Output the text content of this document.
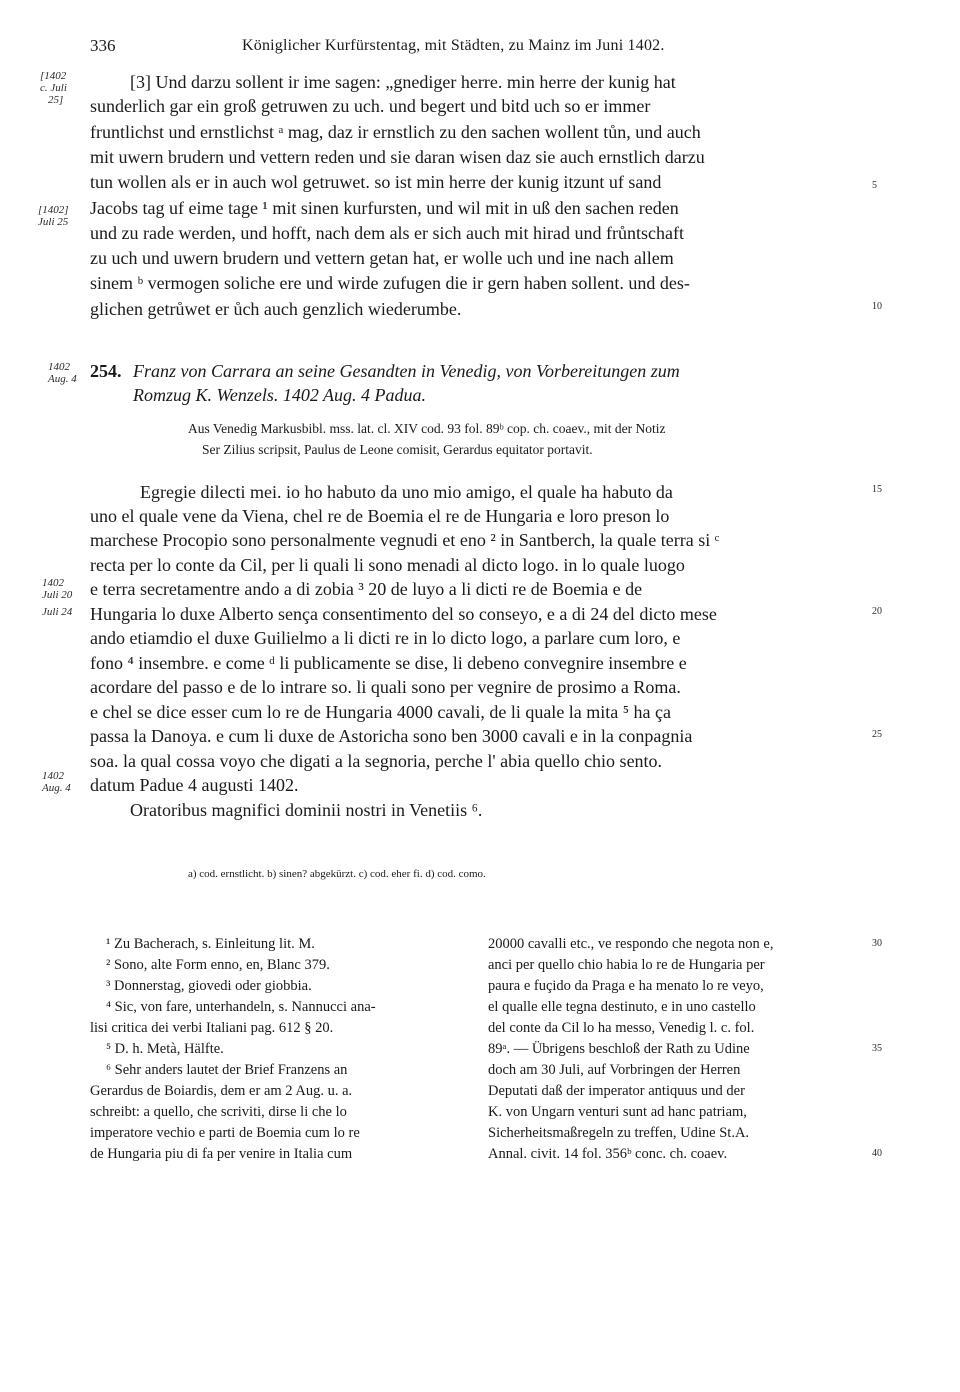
336	Königlicher Kurfürstentag, mit Städten, zu Mainz im Juni 1402.
[1402
c. Juli
25]
[1402]
Juli 25
1402
Aug. 4
1402
Juli 20
Juli 24
1402
Aug. 4
5
10
15
20
25
30
35
40
[3] Und darzu sollent ir ime sagen: „gnediger herre. min herre der kunig hat
sunderlich gar ein groß getruwen zu uch. und begert und bitd uch so er immer
fruntlichst und ernstlichst ᵃ mag, daz ir ernstlich zu den sachen wollent tůn, und auch
mit uwern brudern und vettern reden und sie daran wisen daz sie auch ernstlich darzu
tun wollen als er in auch wol getruwet. so ist min herre der kunig itzunt uf sand
Jacobs tag uf eime tage ¹ mit sinen kurfursten, und wil mit in uß den sachen reden
und zu rade werden, und hofft, nach dem als er sich auch mit hirad und frůntschaft
zu uch und uwern brudern und vettern getan hat, er wolle uch und ine nach allem
sinem ᵇ vermogen soliche ere und wirde zufugen die ir gern haben sollent. und des-
glichen getrůwet er ůch auch genzlich wiederumbe.
254. Franz von Carrara an seine Gesandten in Venedig, von Vorbereitungen zum
Romzug K. Wenzels. 1402 Aug. 4 Padua.
Aus Venedig Markusbibl. mss. lat. cl. XIV cod. 93 fol. 89ᵇ cop. ch. coaev., mit der Notiz
Ser Zilius scripsit, Paulus de Leone comisit, Gerardus equitator portavit.
Egregie dilecti mei. io ho habuto da uno mio amigo, el quale ha habuto da
uno el quale vene da Viena, chel re de Boemia el re de Hungaria e loro preson lo
marchese Procopio sono personalmente vegnudi et eno ² in Santberch, la quale terra si ᶜ
recta per lo conte da Cil, per li quali li sono menadi al dicto logo. in lo quale luogo
e terra secretamentre ando a di zobia ³ 20 de luyo a li dicti re de Boemia e de
Hungaria lo duxe Alberto sença consentimento del so conseyo, e a di 24 del dicto mese
ando etiamdio el duxe Guilielmo a li dicti re in lo dicto logo, a parlare cum loro, e
fono ⁴ insembre. e come ᵈ li publicamente se dise, li debeno convegnire insembre e
acordare del passo e de lo intrare so. li quali sono per vegnire de prosimo a Roma.
e chel se dice esser cum lo re de Hungaria 4000 cavali, de li quale la mita ⁵ ha ça
passa la Danoya. e cum li duxe de Astoricha sono ben 3000 cavali e in la conpagnia
soa. la qual cossa voyo che digati a la segnoria, perche l' abia quello chio sento.
datum Padue 4 augusti 1402.
Oratoribus magnifici dominii nostri in Venetiis ⁶.
a) cod. ernstlicht. b) sinen? abgekürzt. c) cod. eher fi. d) cod. como.
¹ Zu Bacherach, s. Einleitung lit. M.
² Sono, alte Form enno, en, Blanc 379.
³ Donnerstag, giovedi oder giobbia.
⁴ Sic, von fare, unterhandeln, s. Nannucci ana-
lisi critica dei verbi Italiani pag. 612 § 20.
⁵ D. h. Metà, Hälfte.
⁶ Sehr anders lautet der Brief Franzens an
Gerardus de Boiardis, dem er am 2 Aug. u. a.
schreibt: a quello, che scriviti, dirse li che lo
imperatore vechio e parti de Boemia cum lo re
de Hungaria piu di fa per venire in Italia cum
20000 cavalli etc., ve respondo che negota non e,
anci per quello chio habia lo re de Hungaria per
paura e fuçido da Praga e ha menato lo re veyo,
el qualle elle tegna destinuto, e in uno castello
del conte da Cil lo ha messo, Venedig l. c. fol.
89ᵃ. — Übrigens beschloß der Rath zu Udine
doch am 30 Juli, auf Vorbringen der Herren
Deputati daß der imperator antiquus und der
K. von Ungarn venturi sunt ad hanc patriam,
Sicherheitsmaßregeln zu treffen, Udine St.A.
Annal. civit. 14 fol. 356ᵇ conc. ch. coaev.
